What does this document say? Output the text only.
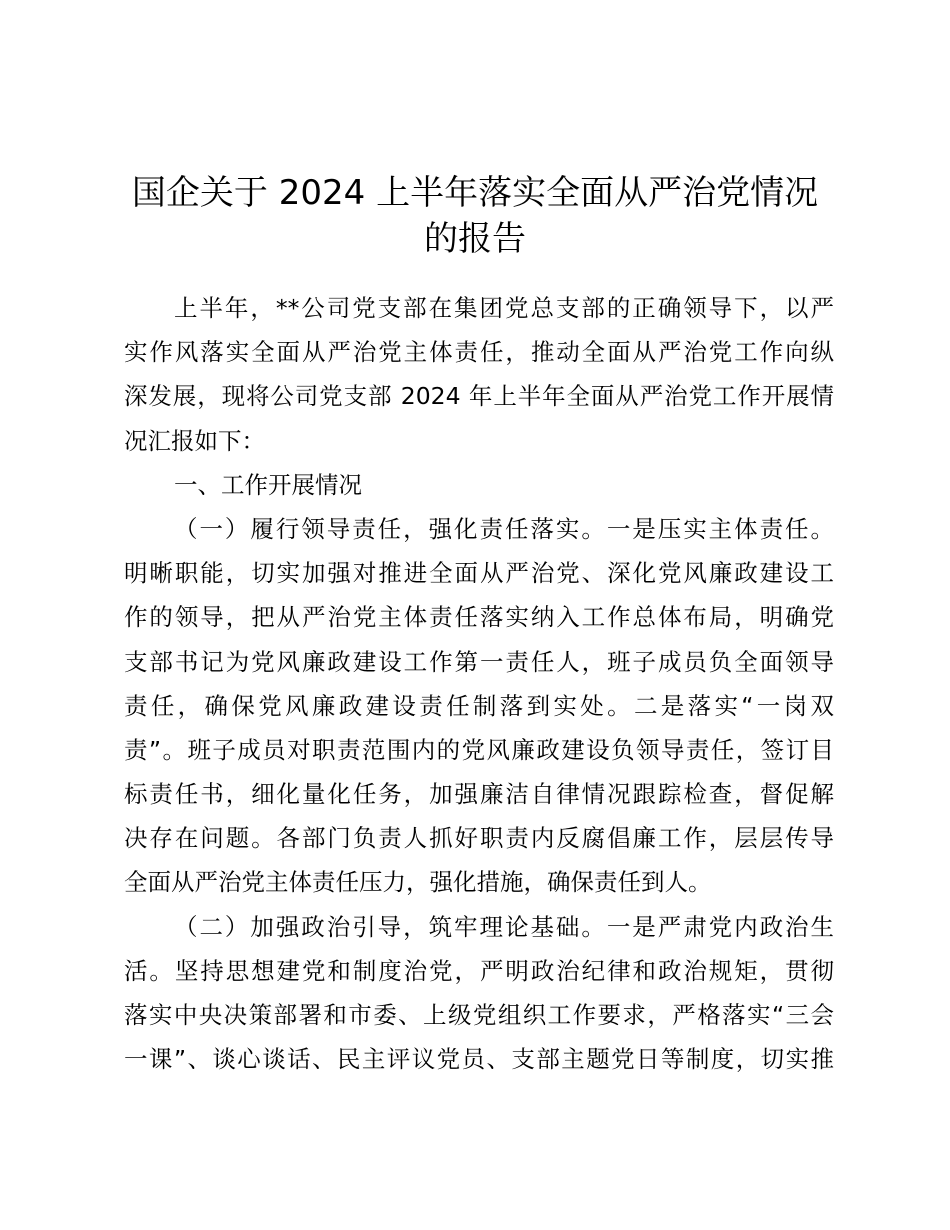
国企关于 2024 上半年落实全面从严治党情况
的报告
上半年，**公司党支部在集团党总支部的正确领导下，以严
实作风落实全面从严治党主体责任，推动全面从严治党工作向纵
深发展，现将公司党支部 2024 年上半年全面从严治党工作开展情
况汇报如下：
一、工作开展情况
（一）履行领导责任，强化责任落实。一是压实主体责任。
明晰职能，切实加强对推进全面从严治党、深化党风廉政建设工
作的领导，把从严治党主体责任落实纳入工作总体布局，明确党
支部书记为党风廉政建设工作第一责任人，班子成员负全面领导
责任，确保党风廉政建设责任制落到实处。二是落实“一岗双
责”。班子成员对职责范围内的党风廉政建设负领导责任，签订目
标责任书，细化量化任务，加强廉洁自律情况跟踪检查，督促解
决存在问题。各部门负责人抓好职责内反腐倡廉工作，层层传导
全面从严治党主体责任压力，强化措施，确保责任到人。
（二）加强政治引导，筑牢理论基础。一是严肃党内政治生
活。坚持思想建党和制度治党，严明政治纪律和政治规矩，贯彻
落实中央决策部署和市委、上级党组织工作要求，严格落实“三会
一课”、谈心谈话、民主评议党员、支部主题党日等制度，切实推
